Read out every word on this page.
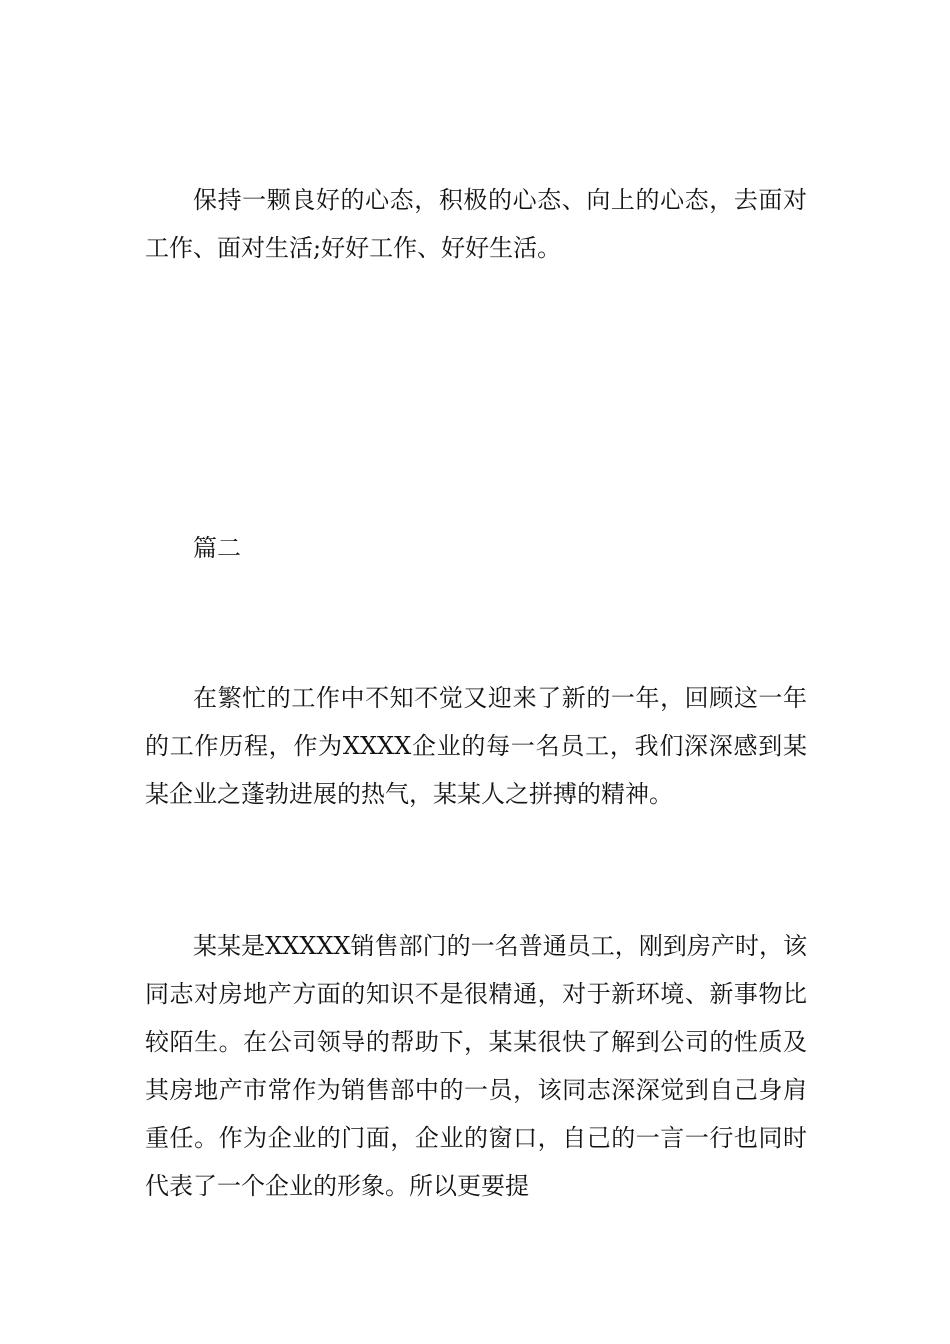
保持一颗良好的心态，积极的心态、向上的心态，去面对工作、面对生活;好好工作、好好生活。

篇二

在繁忙的工作中不知不觉又迎来了新的一年，回顾这一年的工作历程，作为XXXX企业的每一名员工，我们深深感到某某企业之蓬勃进展的热气，某某人之拼搏的精神。

某某是XXXXX销售部门的一名普通员工，刚到房产时，该同志对房地产方面的知识不是很精通，对于新环境、新事物比较陌生。在公司领导的帮助下，某某很快了解到公司的性质及其房地产市常作为销售部中的一员，该同志深深觉到自己身肩重任。作为企业的门面，企业的窗口，自己的一言一行也同时代表了一个企业的形象。所以更要提
